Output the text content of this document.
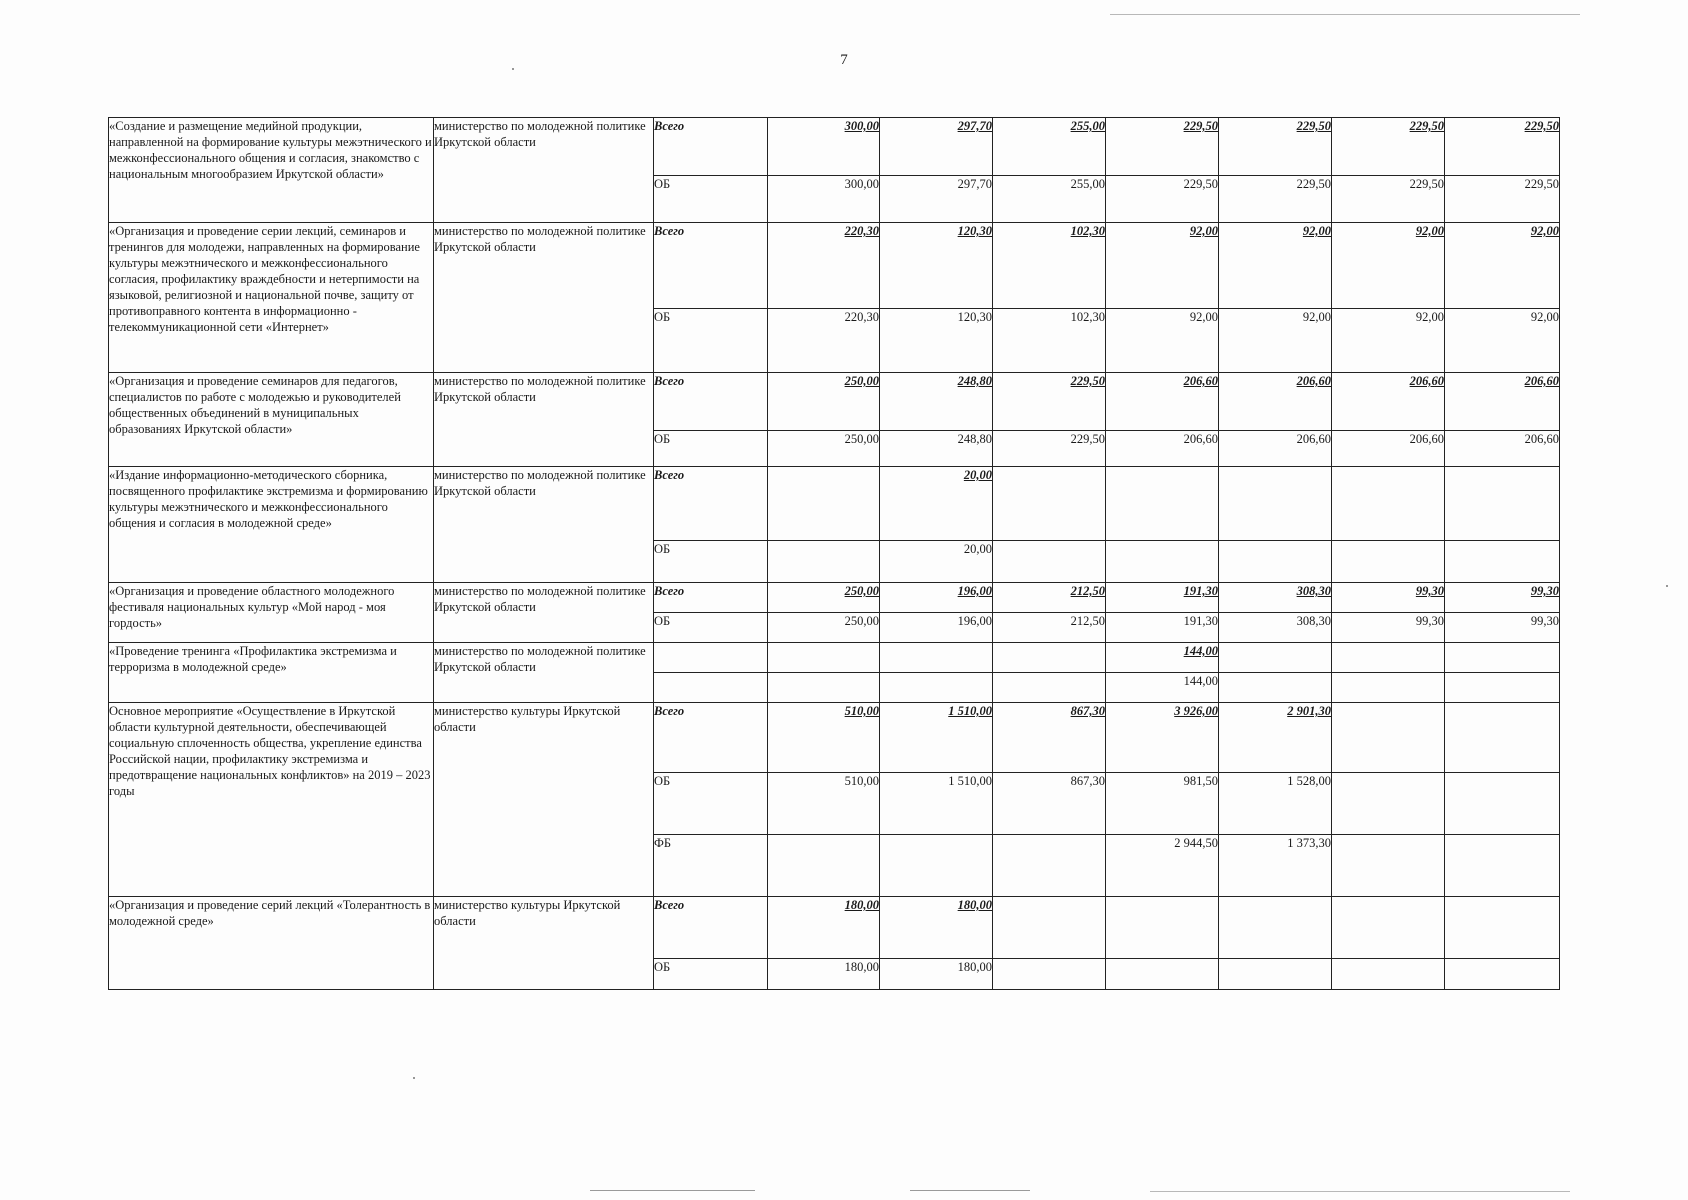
7
«Создание и размещение медийной продукции, направленной на формирование культуры межэтнического и межконфессионального общения и согласия, знакомство с национальным многообразием Иркутской области»	министерство по молодежной политике Иркутской области	Всего	300,00	297,70	255,00	229,50	229,50	229,50	229,50
		ОБ	300,00	297,70	255,00	229,50	229,50	229,50	229,50
«Организация и проведение серии лекций, семинаров и тренингов для молодежи, направленных на формирование культуры межэтнического и межконфессионального согласия, профилактику враждебности и нетерпимости на языковой, религиозной и национальной почве, защиту от противоправного контента в информационно - телекоммуникационной сети «Интернет»	министерство по молодежной политике Иркутской области	Всего	220,30	120,30	102,30	92,00	92,00	92,00	92,00
		ОБ	220,30	120,30	102,30	92,00	92,00	92,00	92,00
«Организация и проведение семинаров для педагогов, специалистов по работе с молодежью и руководителей общественных объединений в муниципальных образованиях Иркутской области»	министерство по молодежной политике Иркутской области	Всего	250,00	248,80	229,50	206,60	206,60	206,60	206,60
		ОБ	250,00	248,80	229,50	206,60	206,60	206,60	206,60
«Издание информационно-методического сборника, посвященного профилактике экстремизма и формированию культуры межэтнического и межконфессионального общения и согласия в молодежной среде»	министерство по молодежной политике Иркутской области	Всего		20,00					
		ОБ		20,00					
«Организация и проведение областного молодежного фестиваля национальных культур «Мой народ - моя гордость»	министерство по молодежной политике Иркутской области	Всего	250,00	196,00	212,50	191,30	308,30	99,30	99,30
		ОБ	250,00	196,00	212,50	191,30	308,30	99,30	99,30
«Проведение тренинга «Профилактика экстремизма и терроризма в молодежной среде»	министерство по молодежной политике Иркутской области					144,00			
						144,00			
Основное мероприятие «Осуществление в Иркутской области культурной деятельности, обеспечивающей социальную сплоченность общества, укрепление единства Российской нации, профилактику экстремизма и предотвращение национальных конфликтов» на 2019 – 2023 годы	министерство культуры Иркутской области	Всего	510,00	1 510,00	867,30	3 926,00	2 901,30		
		ОБ	510,00	1 510,00	867,30	981,50	1 528,00		
		ФБ				2 944,50	1 373,30		
«Организация и проведение серий лекций «Толерантность в молодежной среде»	министерство культуры Иркутской области	Всего	180,00	180,00					
		ОБ	180,00	180,00					
